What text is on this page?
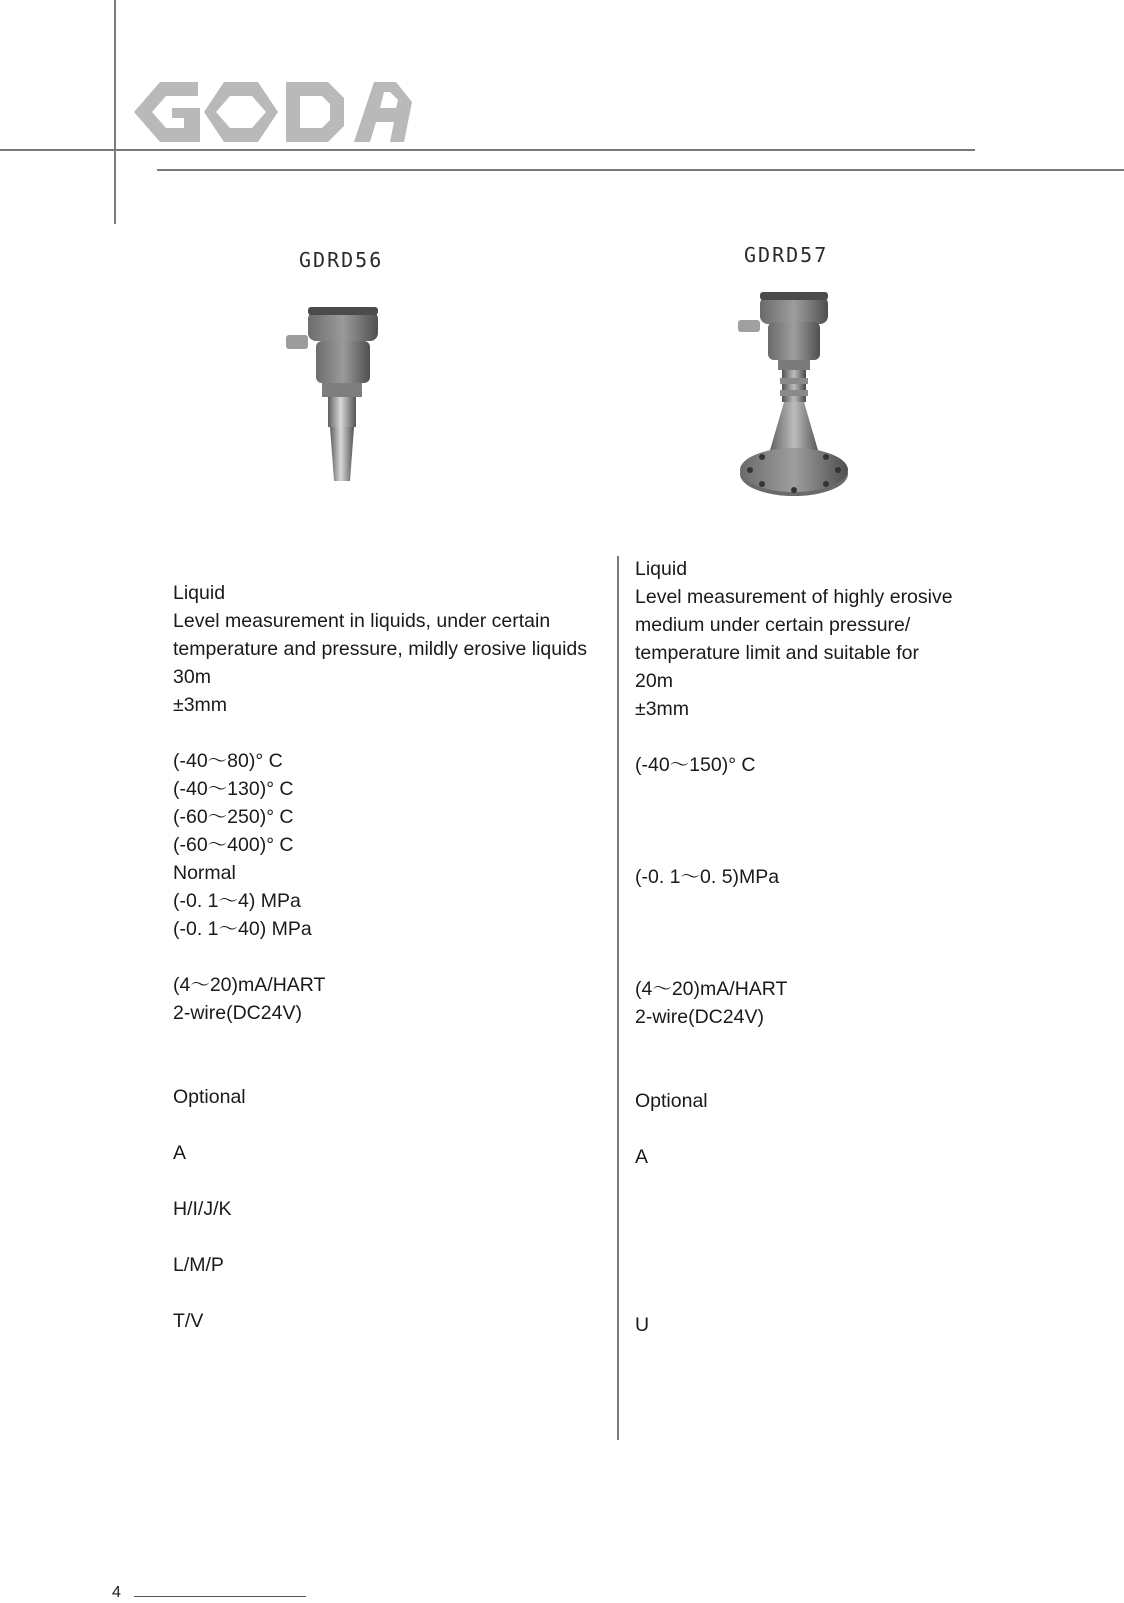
GDRD56
Liquid
Level measurement in liquids, under certain
temperature and pressure, mildly erosive liquids
30m
±3mm
(-40～80)° C
(-40～130)° C
(-60～250)° C
(-60～400)° C
Normal
(-0. 1～4) MPa
(-0. 1～40) MPa
(4～20)mA/HART
2-wire(DC24V)
Optional
A
H/I/J/K
L/M/P
T/V
GDRD57
Liquid
Level measurement of highly erosive
medium under certain pressure/
temperature limit and suitable for
20m
±3mm
(-40～150)° C
(-0. 1～0. 5)MPa
(4～20)mA/HART
2-wire(DC24V)
Optional
A
U
4
